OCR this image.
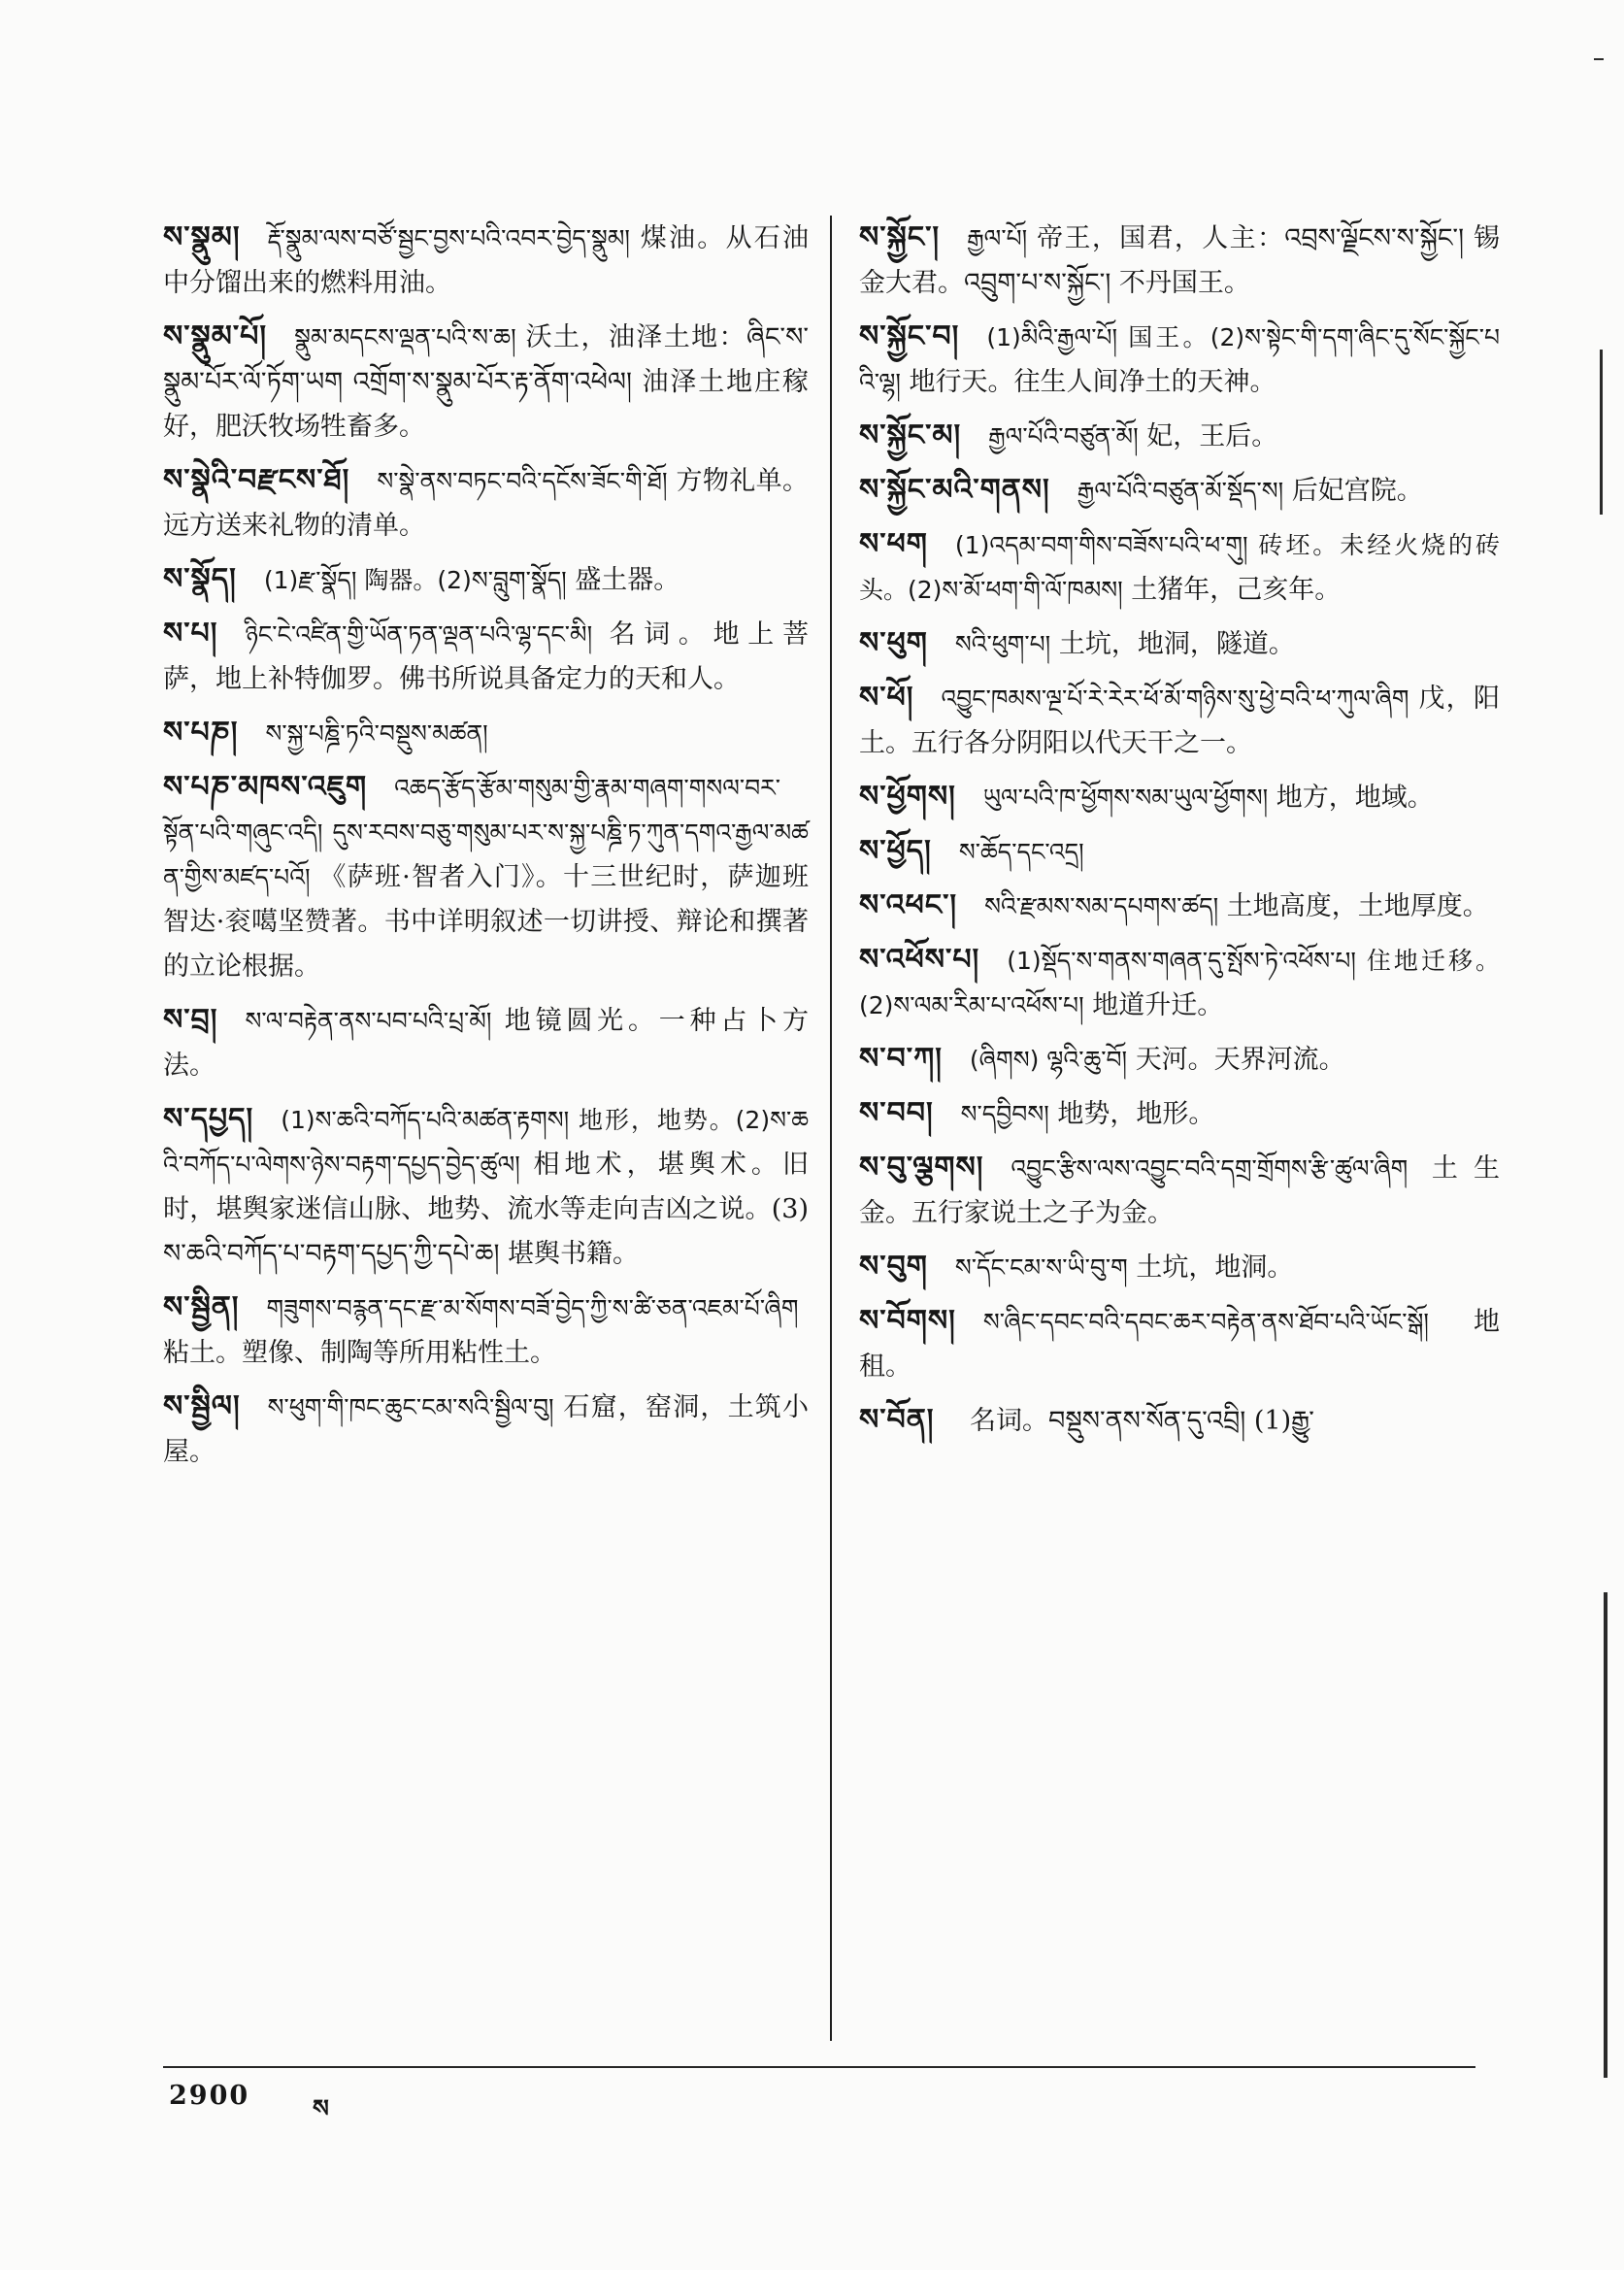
ས་སྣུམ། རྡོ་སྣུམ་ལས་བཙོ་སྦྱང་བྱས་པའི་འབར་བྱེད་སྣུམ། 煤油。从石油中分馏出来的燃料用油。
ས་སྣུམ་པོ། སྣུམ་མདངས་ལྡན་པའི་ས་ཆ། 沃土，油泽土地：ཞིང་ས་སྣུམ་པོར་ལོ་ཏོག་ཡག འགྲོག་ས་སྣུམ་པོར་རྟ་ནོག་འཕེལ། 油泽土地庄稼好，肥沃牧场牲畜多。
ས་སྣེའི་བརྫངས་ཐོ། ས་སྣེ་ནས་བཏང་བའི་དངོས་ཟོང་གི་ཐོ། 方物礼单。远方送来礼物的清单。
ས་སྣོད། (1)རྫ་སྣོད། 陶器。(2)ས་བླུག་སྣོད། 盛土器。
ས་པ། ཉིང་ངེ་འཛིན་གྱི་ཡོན་ཏན་ལྡན་པའི་ལྷ་དང་མི། 名词。地上菩萨，地上补特伽罗。佛书所说具备定力的天和人。
ས་པཎ། ས་སྐྱ་པཎྜི་ཏའི་བསྡུས་མཚན།
ས་པཎ་མཁས་འཇུག འཆད་རྩོད་རྩོམ་གསུམ་གྱི་རྣམ་གཞག་གསལ་བར་སྟོན་པའི་གཞུང་འདི། དུས་རབས་བཅུ་གསུམ་པར་ས་སྐྱ་པཎྜི་ཏ་ཀུན་དགའ་རྒྱལ་མཚན་གྱིས་མཛད་པའོ། 《萨班·智者入门》。十三世纪时，萨迦班智达·衮噶坚赞著。书中详明叙述一切讲授、辩论和撰著的立论根据。
ས་བྲ། ས་ལ་བརྟེན་ནས་པབ་པའི་པྲ་མོ། 地镜圆光。一种占卜方法。
ས་དཔྱད། (1)ས་ཆའི་བཀོད་པའི་མཚན་རྟགས། 地形，地势。(2)ས་ཆའི་བཀོད་པ་ལེགས་ཉེས་བརྟག་དཔྱད་བྱེད་ཚུལ། 相地术，堪舆术。旧时，堪舆家迷信山脉、地势、流水等走向吉凶之说。(3)ས་ཆའི་བཀོད་པ་བརྟག་དཔྱད་ཀྱི་དཔེ་ཆ། 堪舆书籍。
ས་སྦྱིན། གཟུགས་བརྙན་དང་རྫ་མ་སོགས་བཟོ་བྱེད་ཀྱི་ས་ཚི་ཅན་འཇམ་པོ་ཞིག 粘土。塑像、制陶等所用粘性土。
ས་སྦྱིལ། ས་ཕུག་གི་ཁང་ཆུང་ངམ་སའི་སྦྱིལ་བུ། 石窟，窑洞，土筑小屋。
ས་སྐྱོང་། རྒྱལ་པོ། 帝王，国君，人主：འབྲས་ལྗོངས་ས་སྐྱོང་། 锡金大君。འབྲུག་པ་ས་སྐྱོང་། 不丹国王。
ས་སྐྱོང་བ། (1)མིའི་རྒྱལ་པོ། 国王。(2)ས་སྟེང་གི་དག་ཞིང་དུ་སོང་སྐྱོང་པའི་ལྷ། 地行天。往生人间净土的天神。
ས་སྐྱོང་མ། རྒྱལ་པོའི་བཙུན་མོ། 妃，王后。
ས་སྐྱོང་མའི་གནས། རྒྱལ་པོའི་བཙུན་མོ་སྡོད་ས། 后妃宫院。
ས་ཕག (1)འདམ་བག་གིས་བཟོས་པའི་ཕ་གུ། 砖坯。未经火烧的砖头。(2)ས་མོ་ཕག་གི་ལོ་ཁམས། 土猪年，己亥年。
ས་ཕུག སའི་ཕུག་པ། 土坑，地洞，隧道。
ས་ཕོ། འབྱུང་ཁམས་ལྔ་པོ་རེ་རེར་ཕོ་མོ་གཉིས་སུ་ཕྱེ་བའི་ཕ་ཀུལ་ཞིག 戊，阳土。五行各分阴阳以代天干之一。
ས་ཕྱོགས། ཡུལ་པའི་ཁ་ཕྱོགས་སམ་ཡུལ་ཕྱོགས། 地方，地域。
ས་ཕྱོད། ས་ཆོད་དང་འདྲ།
ས་འཕང་། སའི་རྫམས་སམ་དཔགས་ཚད། 土地高度，土地厚度。
ས་འཕོས་པ། (1)སྡོད་ས་གནས་གཞན་དུ་སྤོས་ཏེ་འཕོས་པ། 住地迁移。(2)ས་ལམ་རིམ་པ་འཕོས་པ། 地道升迁。
ས་བ་ཀ། (ཞིགས) ལྷའི་ཆུ་བོ། 天河。天界河流。
ས་བབ། ས་དབྱིབས། 地势，地形。
ས་བུ་ལྕགས། འབྱུང་རྩིས་ལས་འབྱུང་བའི་དགྲ་གྲོགས་རྩི་ཚུལ་ཞིག 土生金。五行家说土之子为金。
ས་བུག ས་དོང་ངམ་ས་ཡི་བུ་ག 土坑，地洞。
ས་བོགས། ས་ཞིང་དབང་བའི་དབང་ཆར་བརྟེན་ནས་ཐོབ་པའི་ཡོང་སྒོ། 地租。
ས་བོན། 名词。བསྡུས་ནས་སོན་དུ་འབྲི། (1)རྒྱུ་
2900	ས
